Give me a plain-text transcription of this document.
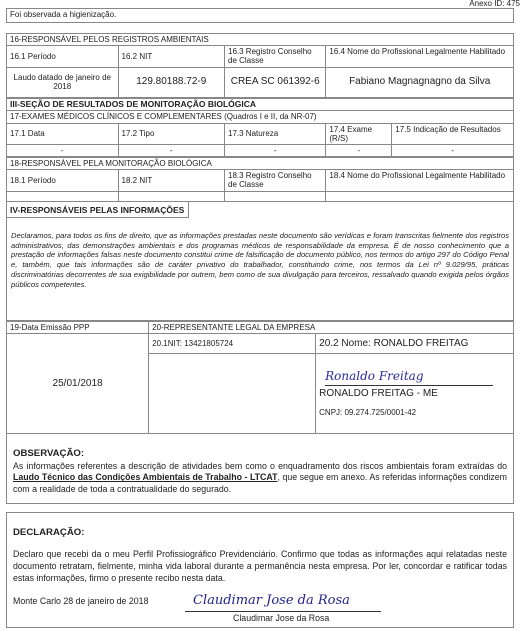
Anexo ID: 475
Foi observada a higienização.
16-RESPONSÁVEL PELOS REGISTROS AMBIENTAIS			
16.1 Período	16.2 NIT	16.3 Registro Conselho de Classe	16.4 Nome do Profissional Legalmente Habilitado
Laudo datado de janeiro de 2018	129.80188.72-9	CREA SC 061392-6	Fabiano Magnagnagno da Silva
III-SEÇÃO DE RESULTADOS DE MONITORAÇÃO BIOLÓGICA				
17-EXAMES MÉDICOS CLÍNICOS E COMPLEMENTARES (Quadros I e II, da NR-07)				
17.1 Data	17.2 Tipo	17.3 Natureza	17.4 Exame (R/S)	17.5 Indicação de Resultados
-	-	-	-	-
18-RESPONSÁVEL PELA MONITORAÇÃO BIOLÓGICA			
18.1 Período	18.2 NIT	18.3 Registro Conselho de Classe	18.4 Nome do Profissional Legalmente Habilitado

IV-RESPONSÁVEIS PELAS INFORMAÇÕES

Declaramos, para todos os fins de direito, que as informações prestadas neste documento são verídicas e foram transcritas fielmente dos registros administrativos, das demonstrações ambientais e dos programas médicos de responsabilidade da empresa. É de nosso conhecimento que a prestação de informações falsas neste documento constitui crime de falsificação de documento público, nos termos do artigo 297 do Código Penal e, também, que tais informações são de caráter privativo do trabalhador, constituindo crime, nos termos da Lei nº 9.029/95, práticas discriminatórias decorrentes de sua exigibilidade por outrem, bem como de sua divulgação para terceiros, ressalvado quando exigida pelos órgãos públicos competentes.

19-Data Emissão PPP	20-REPRESENTANTE LEGAL DA EMPRESA	
25/01/2018	20.1NIT: 13421805724	20.2 Nome: RONALDO FREITAG

		Ronaldo Freitag
RONALDO FREITAG - ME
CNPJ: 09.274.725/0001-42
OBSERVAÇÃO:

As informações referentes a descrição de atividades bem como o enquadramento dos riscos ambientais foram extraídas do Laudo Técnico das Condições Ambientais de Trabalho - LTCAT, que segue em anexo. As referidas informações condizem com a realidade de toda a contratualidade do segurado.

DECLARAÇÃO:

Declaro que recebi da o meu Perfil Profissiográfico Previdenciário. Confirmo que todas as informações aqui relatadas neste documento retratam, fielmente, minha vida laboral durante a permanência nesta empresa. Por ler, concordar e ratificar todas estas informações, firmo o presente recibo nesta data.

Monte Carlo 28 de janeiro de 2018	Claudimar Jose da Rosa
Claudimar Jose da Rosa
